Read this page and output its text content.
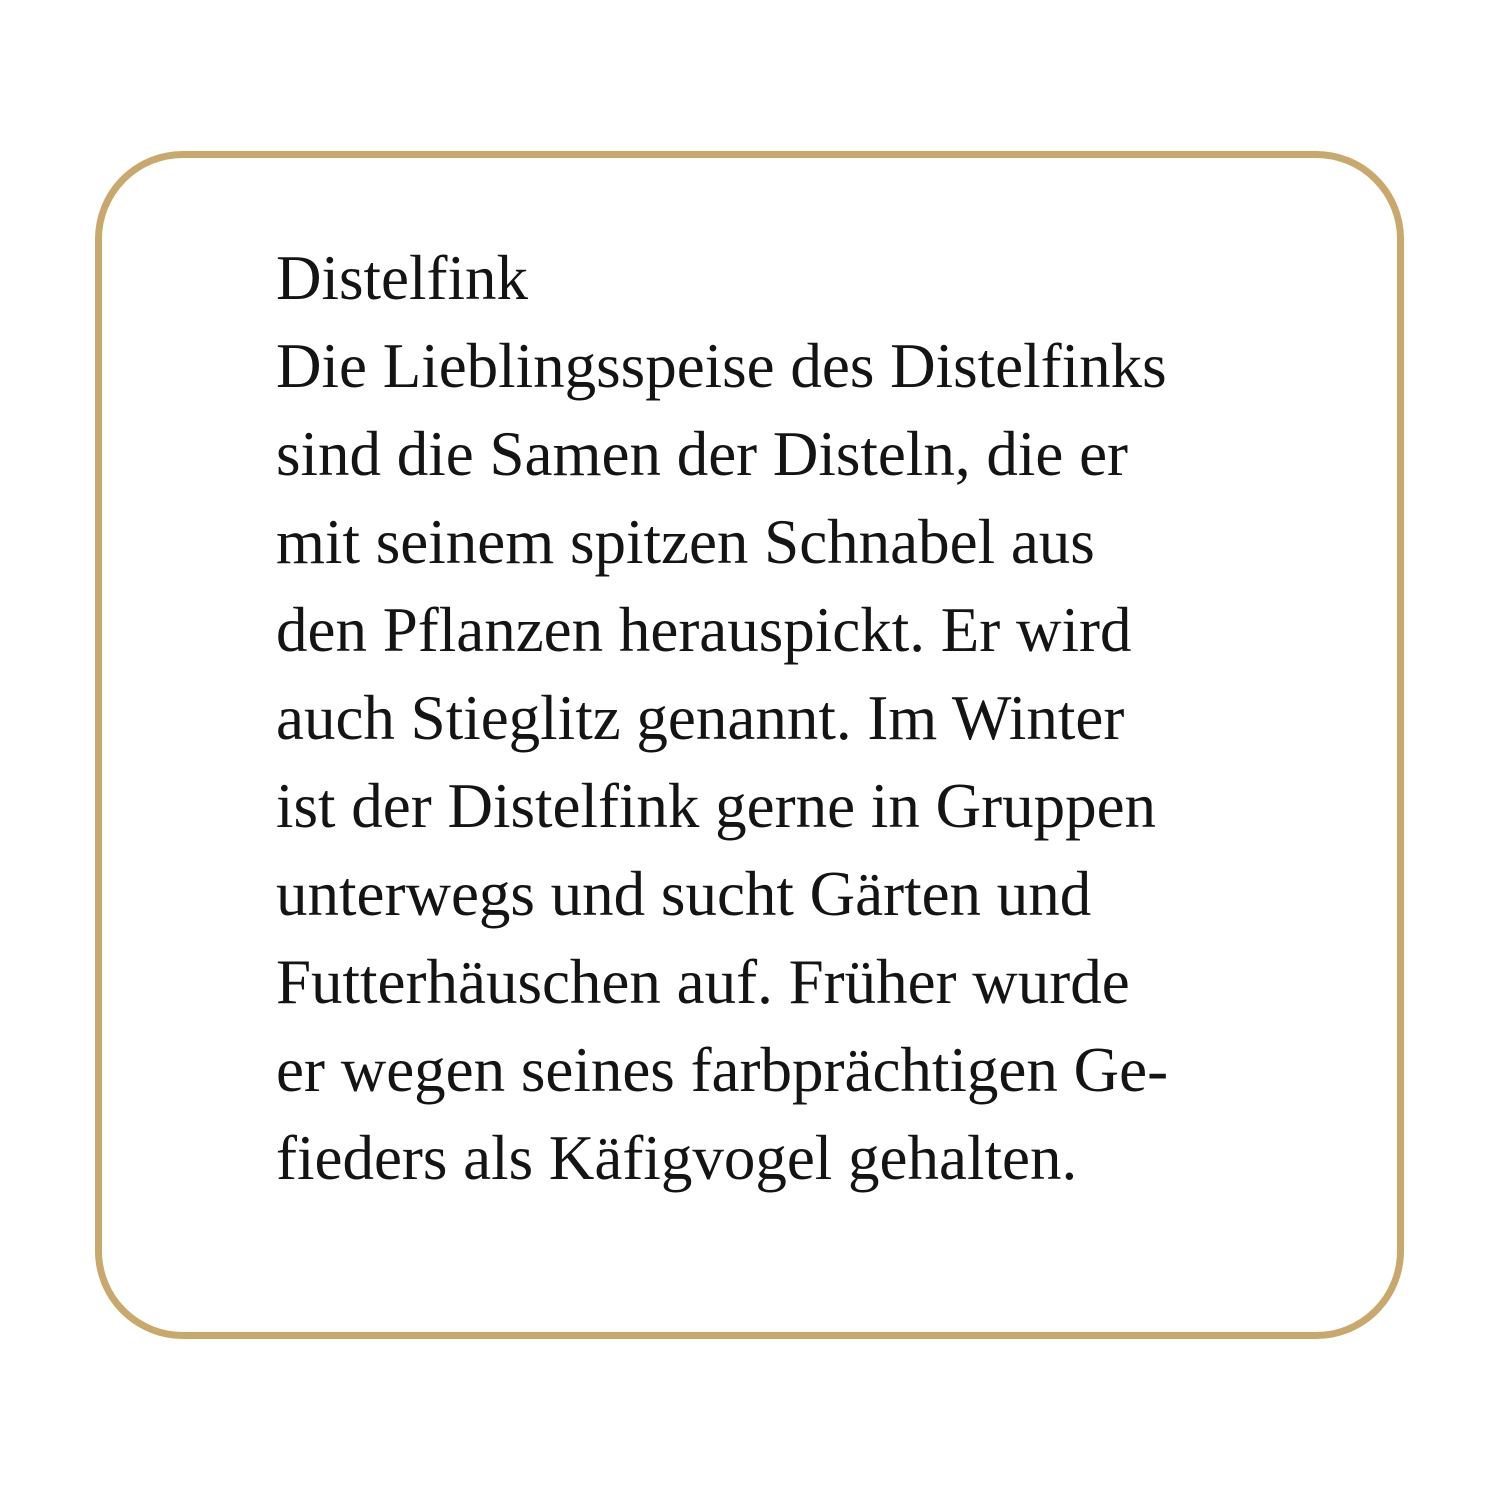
Distelfink
Die Lieblingsspeise des Distelfinks
sind die Samen der Disteln, die er
mit seinem spitzen Schnabel aus
den Pflanzen herauspickt. Er wird
auch Stieglitz genannt. Im Winter
ist der Distelfink gerne in Gruppen
unterwegs und sucht Gärten und
Futterhäuschen auf. Früher wurde
er wegen seines farbprächtigen Ge-
fieders als Käfigvogel gehalten.
